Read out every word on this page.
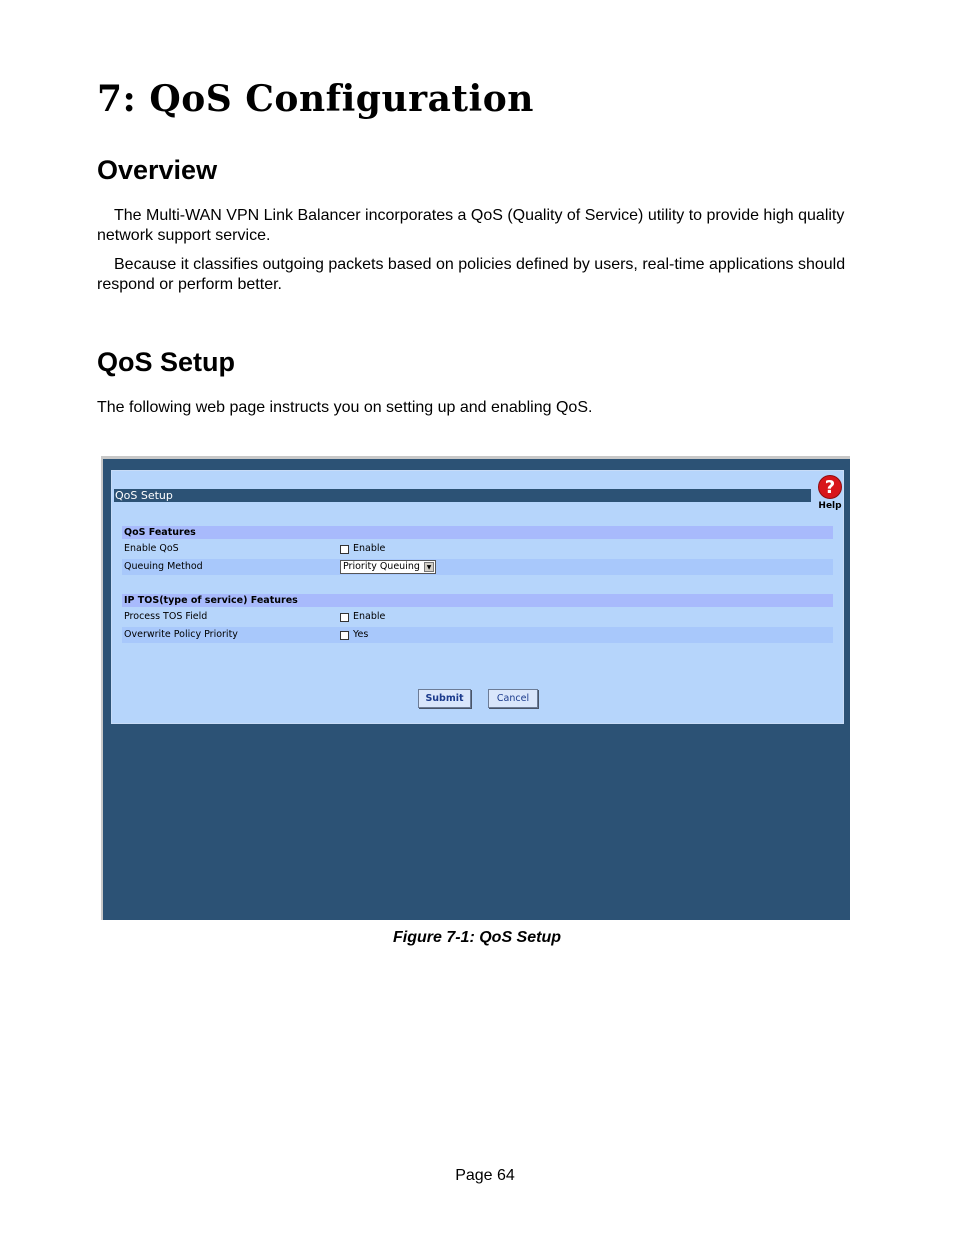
7: QoS Configuration
Overview

The Multi-WAN VPN Link Balancer incorporates a QoS (Quality of Service) utility to provide high quality network support service.

Because it classifies outgoing packets based on policies defined by users, real-time applications should respond or perform better.

QoS Setup

The following web page instructs you on setting up and enabling QoS.

QoS Setup	?
Help
QoS Features
Enable QoS	Enable
Queuing Method	Priority Queuing	▼
IP TOS(type of service) Features
Process TOS Field	Enable
Overwrite Policy Priority	Yes
Submit	Cancel

Figure 7-1: QoS Setup

Page 64
